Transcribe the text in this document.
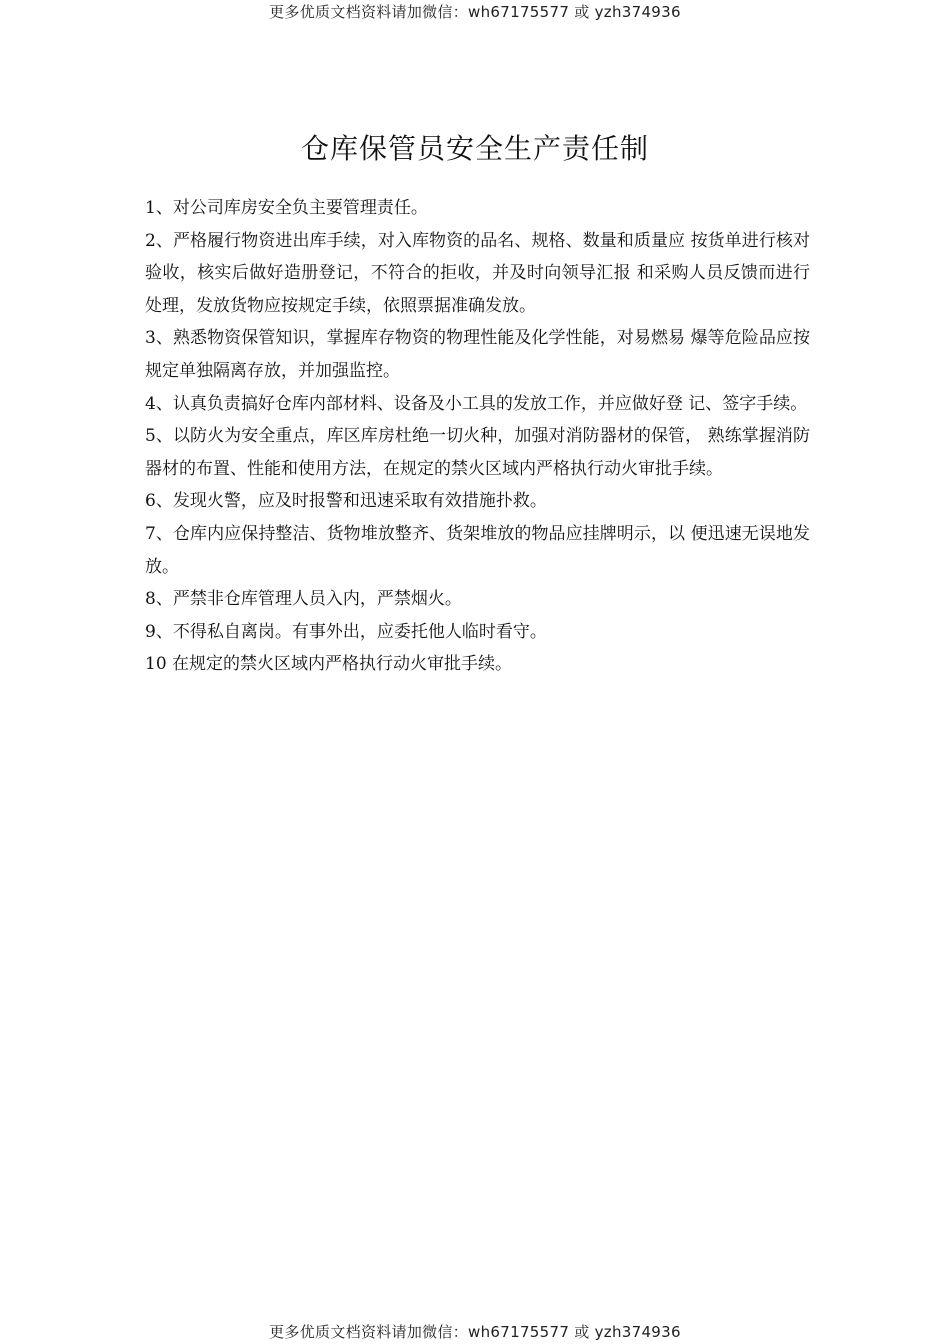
更多优质文档资料请加微信：wh67175577 或 yzh374936
仓库保管员安全生产责任制

1、对公司库房安全负主要管理责任。

2、严格履行物资进出库手续，对入库物资的品名、规格、数量和质量应 按货单进行核对验收，核实后做好造册登记，不符合的拒收，并及时向领导汇报 和采购人员反馈而进行处理，发放货物应按规定手续，依照票据准确发放。

3、熟悉物资保管知识，掌握库存物资的物理性能及化学性能，对易燃易 爆等危险品应按规定单独隔离存放，并加强监控。

4、认真负责搞好仓库内部材料、设备及小工具的发放工作，并应做好登 记、签字手续。

5、以防火为安全重点，库区库房杜绝一切火种，加强对消防器材的保管， 熟练掌握消防器材的布置、性能和使用方法，在规定的禁火区域内严格执行动火审批手续。

6、发现火警，应及时报警和迅速采取有效措施扑救。

7、仓库内应保持整洁、货物堆放整齐、货架堆放的物品应挂牌明示，以 便迅速无误地发放。

8、严禁非仓库管理人员入内，严禁烟火。

9、不得私自离岗。有事外出，应委托他人临时看守。

10 在规定的禁火区域内严格执行动火审批手续。

更多优质文档资料请加微信：wh67175577 或 yzh374936
